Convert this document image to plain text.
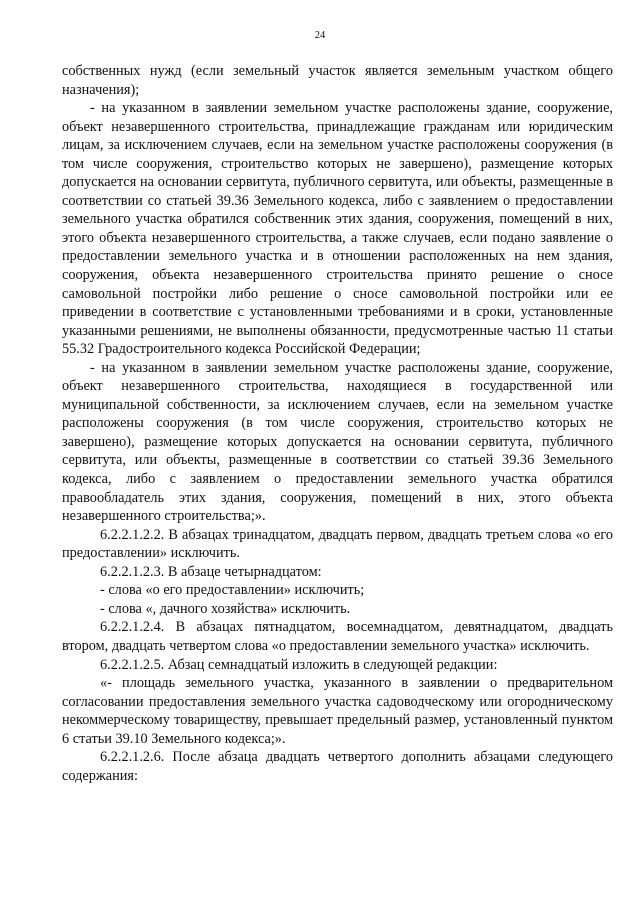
24

собственных нужд (если земельный участок является земельным участком общего назначения);

- на указанном в заявлении земельном участке расположены здание, сооружение, объект незавершенного строительства, принадлежащие гражданам или юридическим лицам, за исключением случаев, если на земельном участке расположены сооружения (в том числе сооружения, строительство которых не завершено), размещение которых допускается на основании сервитута, публичного сервитута, или объекты, размещенные в соответствии со статьей 39.36 Земельного кодекса, либо с заявлением о предоставлении земельного участка обратился собственник этих здания, сооружения, помещений в них, этого объекта незавершенного строительства, а также случаев, если подано заявление о предоставлении земельного участка и в отношении расположенных на нем здания, сооружения, объекта незавершенного строительства принято решение о сносе самовольной постройки либо решение о сносе самовольной постройки или ее приведении в соответствие с установленными требованиями и в сроки, установленные указанными решениями, не выполнены обязанности, предусмотренные частью 11 статьи 55.32 Градостроительного кодекса Российской Федерации;

- на указанном в заявлении земельном участке расположены здание, сооружение, объект незавершенного строительства, находящиеся в государственной или муниципальной собственности, за исключением случаев, если на земельном участке расположены сооружения (в том числе сооружения, строительство которых не завершено), размещение которых допускается на основании сервитута, публичного сервитута, или объекты, размещенные в соответствии со статьей 39.36 Земельного кодекса, либо с заявлением о предоставлении земельного участка обратился правообладатель этих здания, сооружения, помещений в них, этого объекта незавершенного строительства;».

6.2.2.1.2.2. В абзацах тринадцатом, двадцать первом, двадцать третьем слова «о его предоставлении» исключить.

6.2.2.1.2.3. В абзаце четырнадцатом:

- слова «о его предоставлении» исключить;

- слова «, дачного хозяйства» исключить.

6.2.2.1.2.4. В абзацах пятнадцатом, восемнадцатом, девятнадцатом, двадцать втором, двадцать четвертом слова «о предоставлении земельного участка» исключить.

6.2.2.1.2.5. Абзац семнадцатый изложить в следующей редакции:

«- площадь земельного участка, указанного в заявлении о предварительном согласовании предоставления земельного участка садоводческому или огородническому некоммерческому товариществу, превышает предельный размер, установленный пунктом 6 статьи 39.10 Земельного кодекса;».

6.2.2.1.2.6. После абзаца двадцать четвертого дополнить абзацами следующего содержания:
